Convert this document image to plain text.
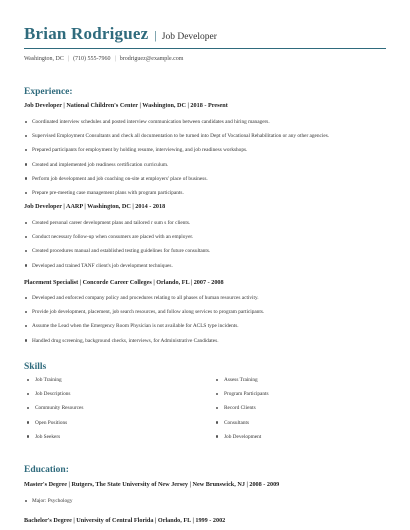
Brian Rodriguez | Job Developer
Washington, DC | (710) 555-7960 | brodriguez@example.com
Experience:
Job Developer | National Children's Center | Washington, DC | 2018 - Present
Coordinated interview schedules and posted interview communication between candidates and hiring managers.
Supervised Employment Consultants and check all documentation to be turned into Dept of Vocational Rehabilitation or any other agencies.
Prepared participants for employment by holding resume, interviewing, and job readiness workshops.
Created and implemented job readiness certification curriculum.
Perform job development and job coaching on-site at employers' place of business.
Prepare pre-meeting case management plans with program participants.
Job Developer | AARP | Washington, DC | 2014 - 2018
Created personal career development plans and tailored r sum s for clients.
Conduct necessary follow-up when consumers are placed with an employer.
Created procedures manual and established testing guidelines for future consultants.
Developed and trained TANF client's job development techniques.
Placement Specialist | Concorde Career Colleges | Orlando, FL | 2007 - 2008
Developed and enforced company policy and procedures relating to all phases of human resources activity.
Provide job development, placement, job search resources, and follow along services to program participants.
Assume the Lead when the Emergency Room Physician is not available for ACLS type incidents.
Handled drug screening, background checks, interviews, for Administrative Candidates.
Skills
Job Training	Assess Training
Job Descriptions	Program Participants
Community Resources	Record Clients
Open Positions	Consultants
Job Seekers	Job Development
Education:
Master's Degree | Rutgers, The State University of New Jersey | New Brunswick, NJ | 2008 - 2009
Major: Psychology
Bachelor's Degree | University of Central Florida | Orlando, FL | 1999 - 2002
